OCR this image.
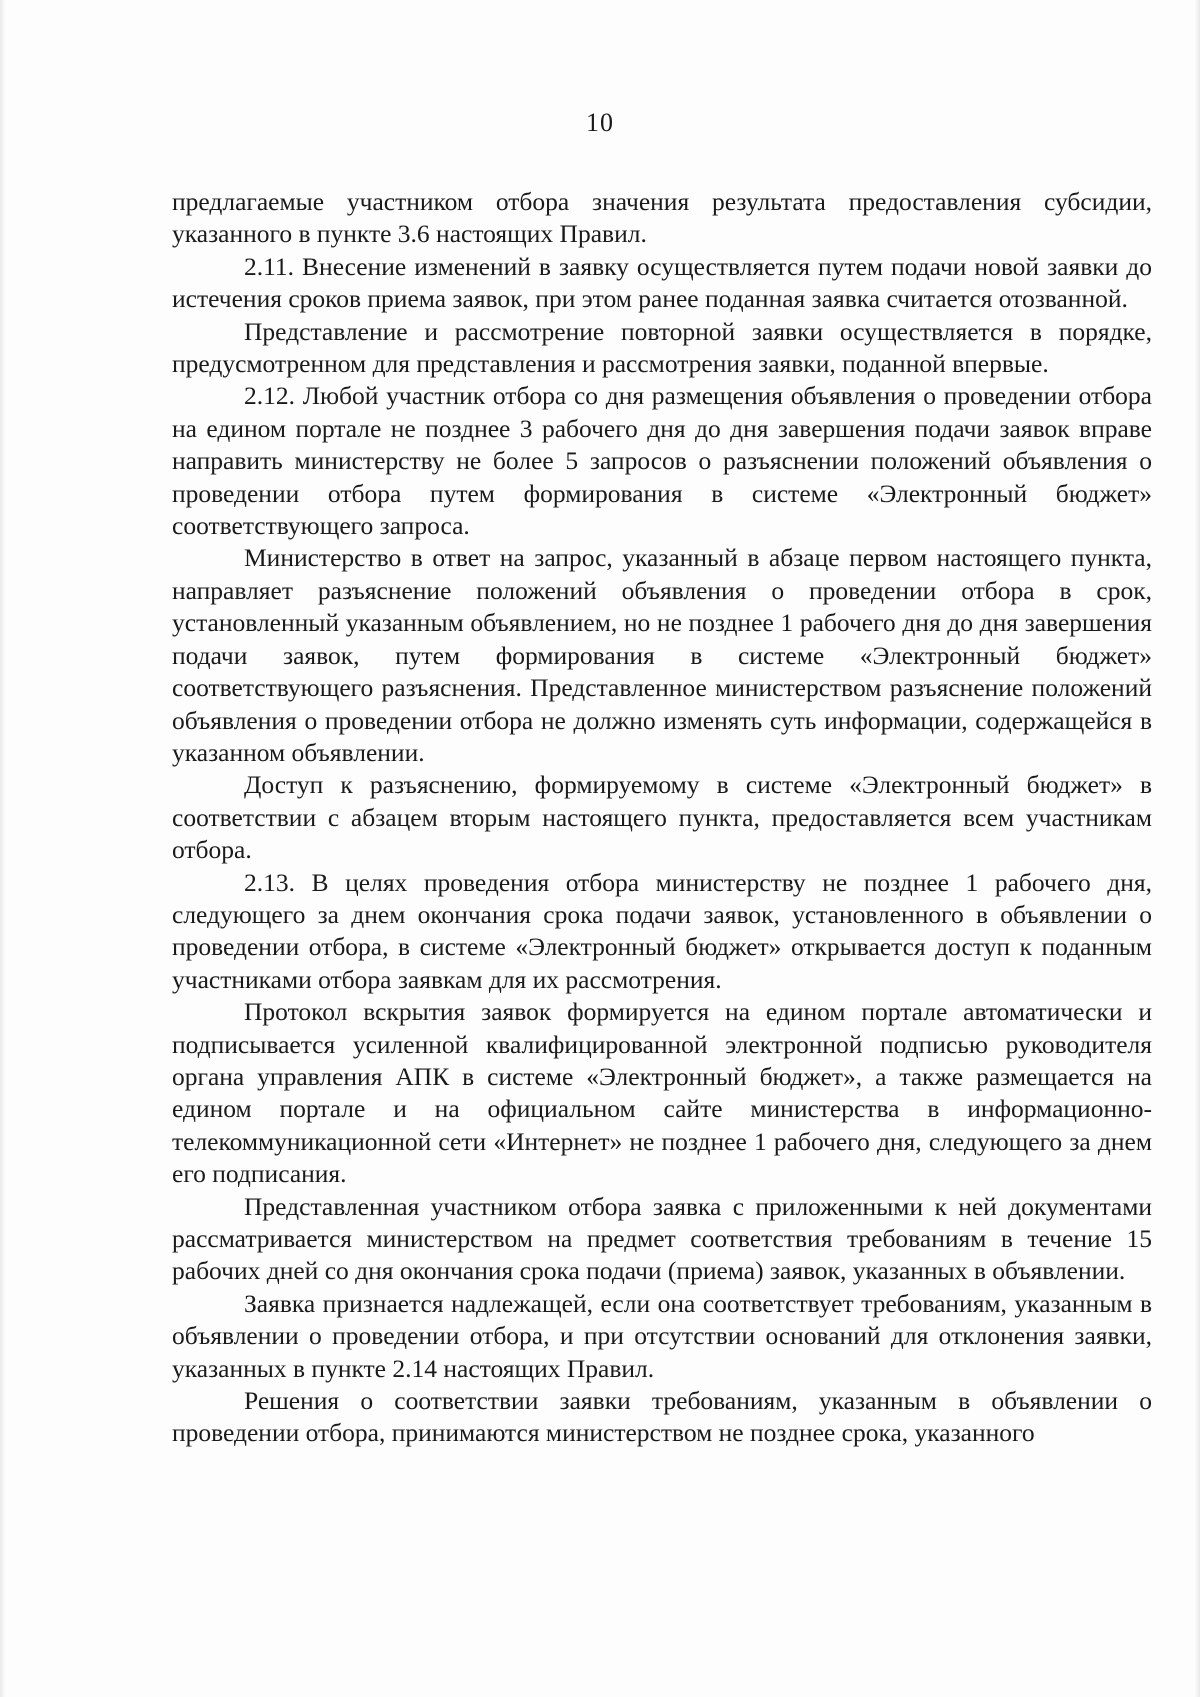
10

предлагаемые участником отбора значения результата предоставления субсидии, указанного в пункте 3.6 настоящих Правил.

2.11. Внесение изменений в заявку осуществляется путем подачи новой заявки до истечения сроков приема заявок, при этом ранее поданная заявка считается отозванной.

Представление и рассмотрение повторной заявки осуществляется в порядке, предусмотренном для представления и рассмотрения заявки, поданной впервые.

2.12. Любой участник отбора со дня размещения объявления о проведении отбора на едином портале не позднее 3 рабочего дня до дня завершения подачи заявок вправе направить министерству не более 5 запросов о разъяснении положений объявления о проведении отбора путем формирования в системе «Электронный бюджет» соответствующего запроса.

Министерство в ответ на запрос, указанный в абзаце первом настоящего пункта, направляет разъяснение положений объявления о проведении отбора в срок, установленный указанным объявлением, но не позднее 1 рабочего дня до дня завершения подачи заявок, путем формирования в системе «Электронный бюджет» соответствующего разъяснения. Представленное министерством разъяснение положений объявления о проведении отбора не должно изменять суть информации, содержащейся в указанном объявлении.

Доступ к разъяснению, формируемому в системе «Электронный бюджет» в соответствии с абзацем вторым настоящего пункта, предоставляется всем участникам отбора.

2.13. В целях проведения отбора министерству не позднее 1 рабочего дня, следующего за днем окончания срока подачи заявок, установленного в объявлении о проведении отбора, в системе «Электронный бюджет» открывается доступ к поданным участниками отбора заявкам для их рассмотрения.

Протокол вскрытия заявок формируется на едином портале автоматически и подписывается усиленной квалифицированной электронной подписью руководителя органа управления АПК в системе «Электронный бюджет», а также размещается на едином портале и на официальном сайте министерства в информационно-телекоммуникационной сети «Интернет» не позднее 1 рабочего дня, следующего за днем его подписания.

Представленная участником отбора заявка с приложенными к ней документами рассматривается министерством на предмет соответствия требованиям в течение 15 рабочих дней со дня окончания срока подачи (приема) заявок, указанных в объявлении.

Заявка признается надлежащей, если она соответствует требованиям, указанным в объявлении о проведении отбора, и при отсутствии оснований для отклонения заявки, указанных в пункте 2.14 настоящих Правил.

Решения о соответствии заявки требованиям, указанным в объявлении о проведении отбора, принимаются министерством не позднее срока, указанного
